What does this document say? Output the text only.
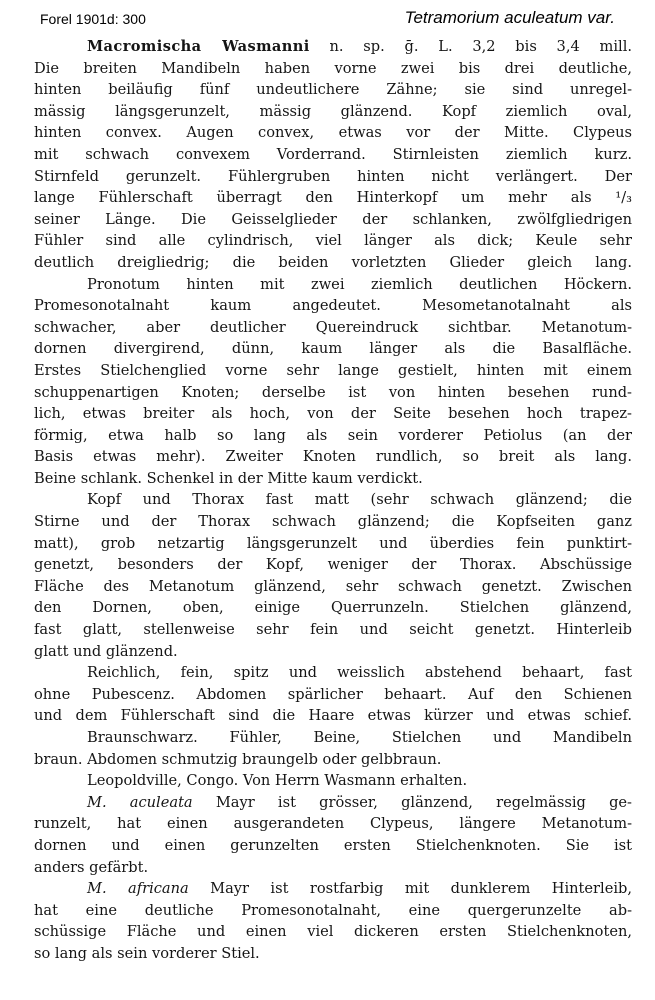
Forel 1901d: 300	Tetramorium aculeatum var.
Macromischa Wasmanni n. sp. ḡ. L. 3,2 bis 3,4 mill.
Die breiten Mandibeln haben vorne zwei bis drei deutliche,
hinten beiläufig fünf undeutlichere Zähne; sie sind unregel-
mässig längsgerunzelt, mässig glänzend. Kopf ziemlich oval,
hinten convex. Augen convex, etwas vor der Mitte. Clypeus
mit schwach convexem Vorderrand. Stirnleisten ziemlich kurz.
Stirnfeld gerunzelt. Fühlergruben hinten nicht verlängert. Der
lange Fühlerschaft überragt den Hinterkopf um mehr als ¹/₃
seiner Länge. Die Geisselglieder der schlanken, zwölfgliedrigen
Fühler sind alle cylindrisch, viel länger als dick; Keule sehr
deutlich dreigliedrig; die beiden vorletzten Glieder gleich lang.
Pronotum hinten mit zwei ziemlich deutlichen Höckern.
Promesonotalnaht kaum angedeutet. Mesometanotalnaht als
schwacher, aber deutlicher Quereindruck sichtbar. Metanotum-
dornen divergirend, dünn, kaum länger als die Basalfläche.
Erstes Stielchenglied vorne sehr lange gestielt, hinten mit einem
schuppenartigen Knoten; derselbe ist von hinten besehen rund-
lich, etwas breiter als hoch, von der Seite besehen hoch trapez-
förmig, etwa halb so lang als sein vorderer Petiolus (an der
Basis etwas mehr). Zweiter Knoten rundlich, so breit als lang.
Beine schlank. Schenkel in der Mitte kaum verdickt.
Kopf und Thorax fast matt (sehr schwach glänzend; die
Stirne und der Thorax schwach glänzend; die Kopfseiten ganz
matt), grob netzartig längsgerunzelt und überdies fein punktirt-
genetzt, besonders der Kopf, weniger der Thorax. Abschüssige
Fläche des Metanotum glänzend, sehr schwach genetzt. Zwischen
den Dornen, oben, einige Querrunzeln. Stielchen glänzend,
fast glatt, stellenweise sehr fein und seicht genetzt. Hinterleib
glatt und glänzend.
Reichlich, fein, spitz und weisslich abstehend behaart, fast
ohne Pubescenz. Abdomen spärlicher behaart. Auf den Schienen
und dem Fühlerschaft sind die Haare etwas kürzer und etwas schief.
Braunschwarz. Fühler, Beine, Stielchen und Mandibeln
braun. Abdomen schmutzig braungelb oder gelbbraun.
Leopoldville, Congo. Von Herrn Wasmann erhalten.
M. aculeata Mayr ist grösser, glänzend, regelmässig ge-
runzelt, hat einen ausgerandeten Clypeus, längere Metanotum-
dornen und einen gerunzelten ersten Stielchenknoten. Sie ist
anders gefärbt.
M. africana Mayr ist rostfarbig mit dunklerem Hinterleib,
hat eine deutliche Promesonotalnaht, eine quergerunzelte ab-
schüssige Fläche und einen viel dickeren ersten Stielchenknoten,
so lang als sein vorderer Stiel.
